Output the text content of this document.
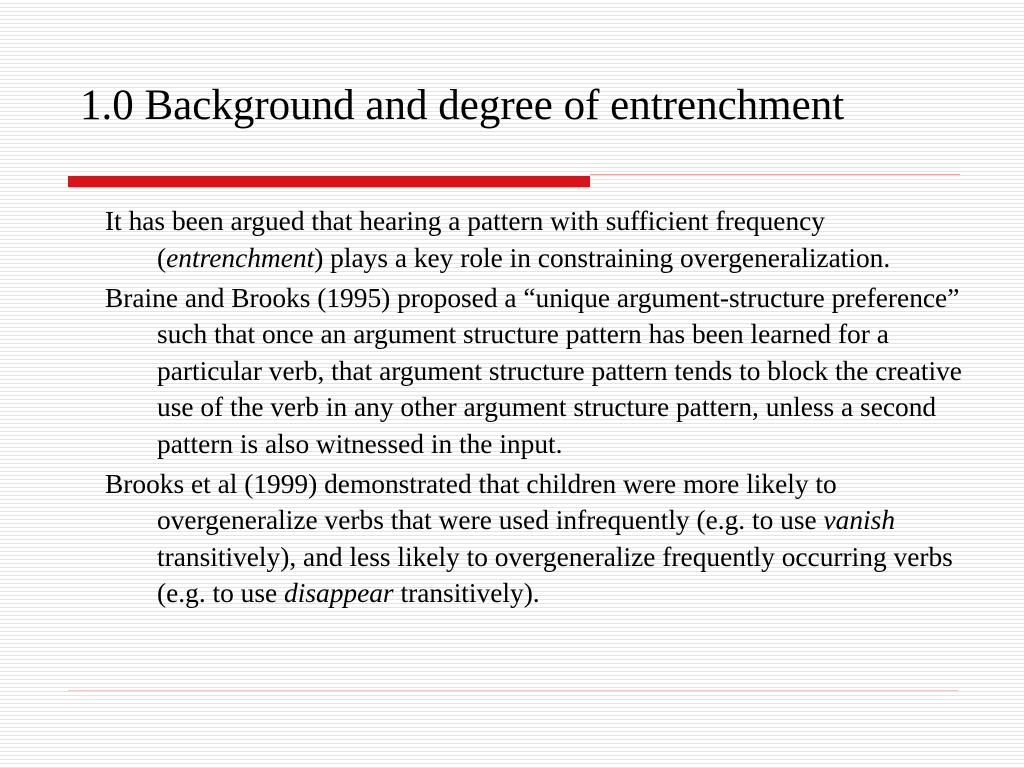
1.0 Background and degree of entrenchment
It has been argued that hearing a pattern with sufficient frequency (entrenchment) plays a key role in constraining overgeneralization.
Braine and Brooks (1995) proposed a “unique argument-structure preference” such that once an argument structure pattern has been learned for a particular verb, that argument structure pattern tends to block the creative use of the verb in any other argument structure pattern, unless a second pattern is also witnessed in the input.
Brooks et al (1999) demonstrated that children were more likely to overgeneralize verbs that were used infrequently (e.g. to use vanish transitively), and less likely to overgeneralize frequently occurring verbs (e.g. to use disappear transitively).
